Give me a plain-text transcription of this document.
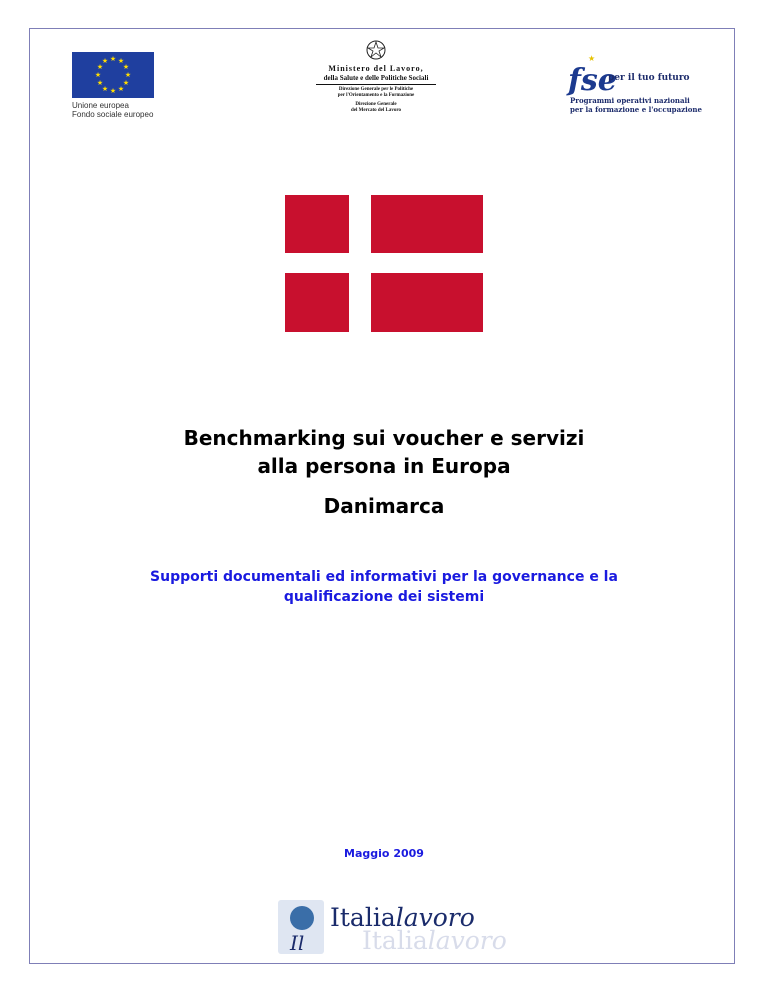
★ ★
★
★
★
★
★
★
★
★
★
★
Unione europea
Fondo sociale europeo
Ministero del Lavoro,
della Salute e delle Politiche Sociali
Direzione Generale per le Politiche
per l'Orientamento e la Formazione
Direzione Generale
del Mercato del Lavoro
★
fse
per il tuo futuro
Programmi operativi nazionali
per la formazione e l'occupazione
Benchmarking sui voucher e servizi
alla persona in Europa
Danimarca
Supporti documentali ed informativi per la governance e la
qualificazione dei sistemi
Maggio 2009
Il Italialavoro
Italialavoro
